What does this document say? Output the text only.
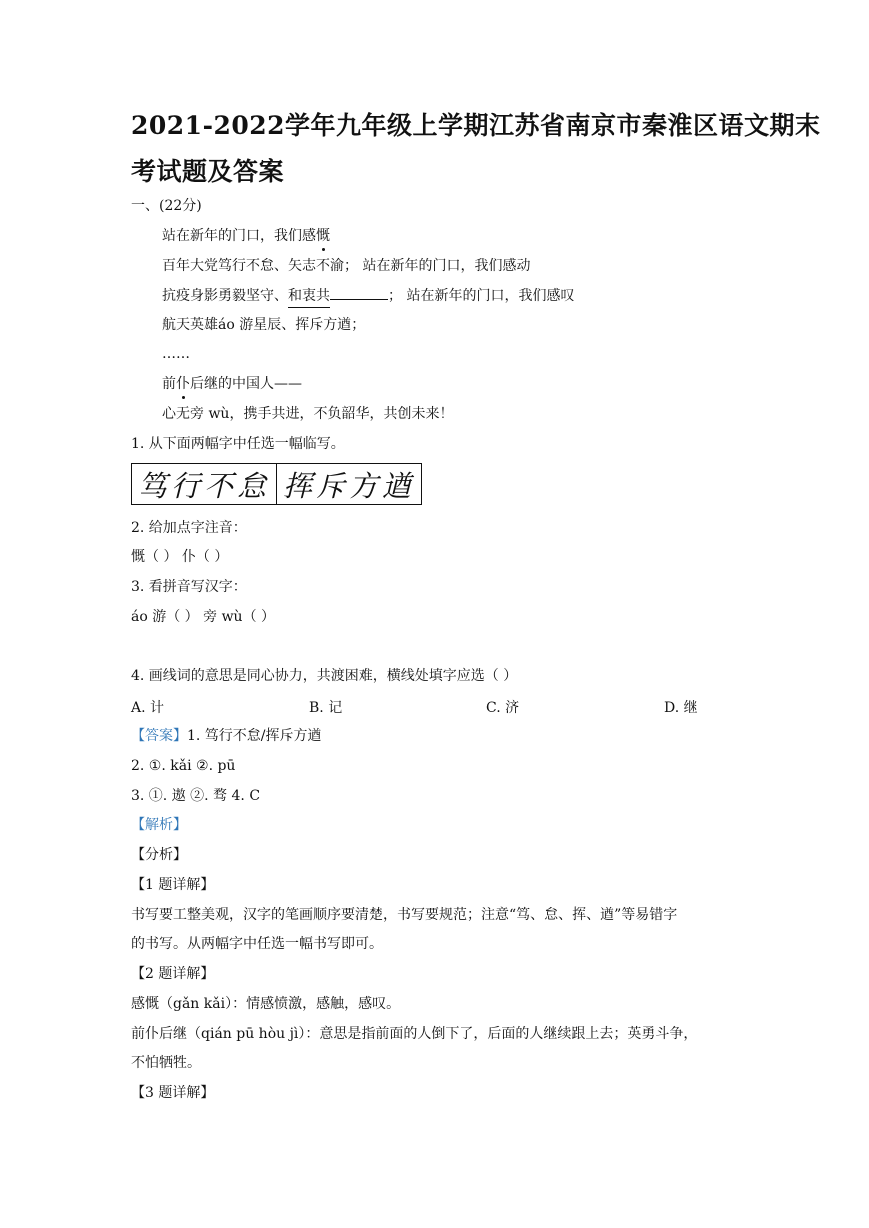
2021-2022学年九年级上学期江苏省南京市秦淮区语文期末
考试题及答案
一、(22分)
站在新年的门口，我们感慨
百年大党笃行不怠、矢志不渝； 站在新年的门口，我们感动
抗疫身影勇毅坚守、和衷共	； 站在新年的门口，我们感叹
航天英雄áo 游星辰、挥斥方遒；
……
前仆后继的中国人——
心无旁 wù，携手共进，不负韶华，共创未来！
1. 从下面两幅字中任选一幅临写。
笃行不怠 挥斥方遒
2. 给加点字注音：
慨（ ） 仆（ ）
3. 看拼音写汉字：
áo 游（ ） 旁 wù（ ）
4. 画线词的意思是同心协力，共渡困难，横线处填字应选（ ）
A. 计	B. 记	C. 济	D. 继
【答案】1. 笃行不怠/挥斥方遒
2. ①. kǎi ②. pū
3. ①. 遨 ②. 骛 4. C
【解析】
【分析】
【1 题详解】
书写要工整美观，汉字的笔画顺序要清楚，书写要规范；注意“笃、怠、挥、遒”等易错字
的书写。从两幅字中任选一幅书写即可。
【2 题详解】
感慨（gǎn kǎi）：情感愤激，感触，感叹。
前仆后继（qián pū hòu jì）：意思是指前面的人倒下了，后面的人继续跟上去；英勇斗争，
不怕牺牲。
【3 题详解】
